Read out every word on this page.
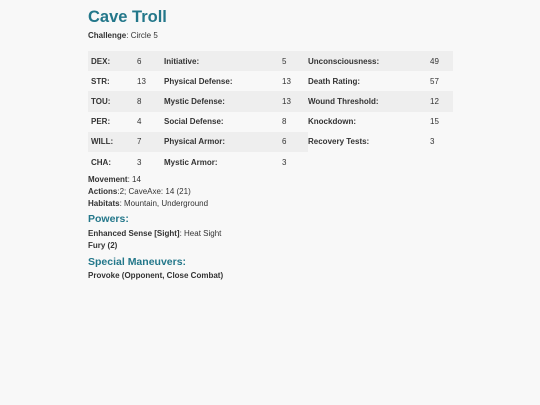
Cave Troll
Challenge: Circle 5
DEX:	6	Initiative:	5	Unconsciousness:	49
STR:	13	Physical Defense:	13	Death Rating:	57
TOU:	8	Mystic Defense:	13	Wound Threshold:	12
PER:	4	Social Defense:	8	Knockdown:	15
WILL:	7	Physical Armor:	6	Recovery Tests:	3
CHA:	3	Mystic Armor:	3		
Movement: 14
Actions:2; CaveAxe: 14 (21)
Habitats: Mountain, Underground
Powers:
Enhanced Sense [Sight]: Heat Sight
Fury (2)
Special Maneuvers:
Provoke (Opponent, Close Combat)
